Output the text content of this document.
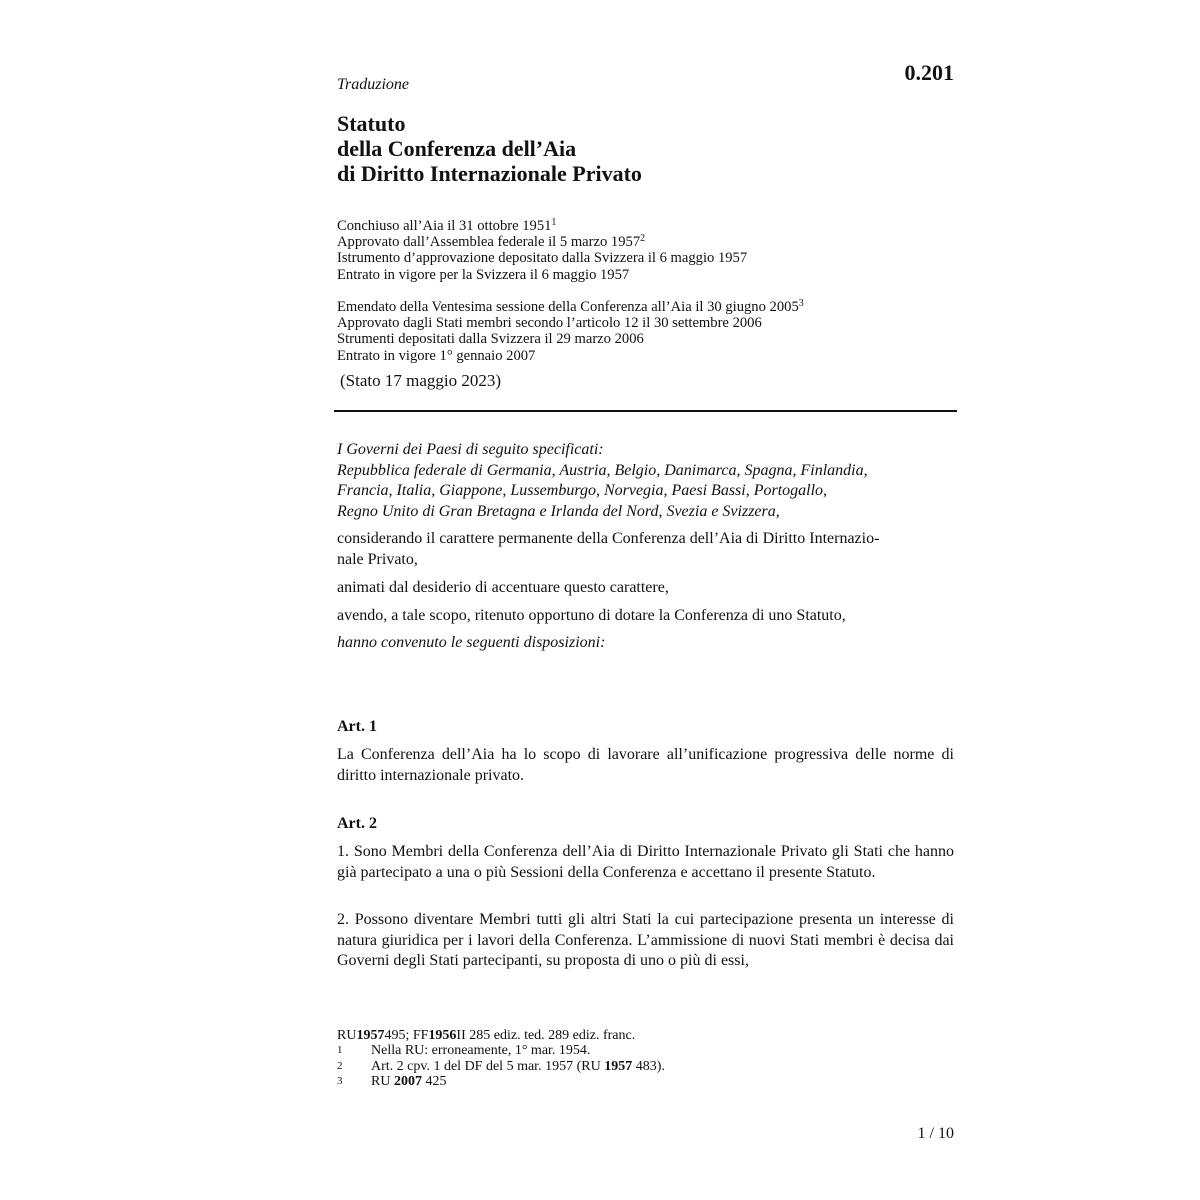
0.201
Traduzione
Statuto
della Conferenza dell’Aia
di Diritto Internazionale Privato
Conchiuso all’Aia il 31 ottobre 1951$^1$
Approvato dall’Assemblea federale il 5 marzo 1957$^2$
Istrumento d’approvazione depositato dalla Svizzera il 6 maggio 1957
Entrato in vigore per la Svizzera il 6 maggio 1957
Emendato della Ventesima sessione della Conferenza all’Aia il 30 giugno 2005$^3$
Approvato dagli Stati membri secondo l’articolo 12 il 30 settembre 2006
Strumenti depositati dalla Svizzera il 29 marzo 2006
Entrato in vigore 1° gennaio 2007
(Stato 17 maggio 2023)

I Governi dei Paesi di seguito specificati:
Repubblica federale di Germania, Austria, Belgio, Danimarca, Spagna, Finlandia,
Francia, Italia, Giappone, Lussemburgo, Norvegia, Paesi Bassi, Portogallo,
Regno Unito di Gran Bretagna e Irlanda del Nord, Svezia e Svizzera,

considerando il carattere permanente della Conferenza dell’Aia di Diritto Internazio-
nale Privato,

animati dal desiderio di accentuare questo carattere,

avendo, a tale scopo, ritenuto opportuno di dotare la Conferenza di uno Statuto,

hanno convenuto le seguenti disposizioni:

Art. 1

La Conferenza dell’Aia ha lo scopo di lavorare all’unificazione progressiva delle norme di diritto internazionale privato.

Art. 2

1. Sono Membri della Conferenza dell’Aia di Diritto Internazionale Privato gli Stati che hanno già partecipato a una o più Sessioni della Conferenza e accettano il presente Statuto.

2. Possono diventare Membri tutti gli altri Stati la cui partecipazione presenta un interesse di natura giuridica per i lavori della Conferenza. L’ammissione di nuovi Stati membri è decisa dai Governi degli Stati partecipanti, su proposta di uno o più di essi,

RU 1957 495; FF 1956 II 285 ediz. ted. 289 ediz. franc.
1	Nella RU: erroneamente, 1° mar. 1954.
2	Art. 2 cpv. 1 del DF del 5 mar. 1957 (RU 1957 483).
3	RU 2007 425
1 / 10
